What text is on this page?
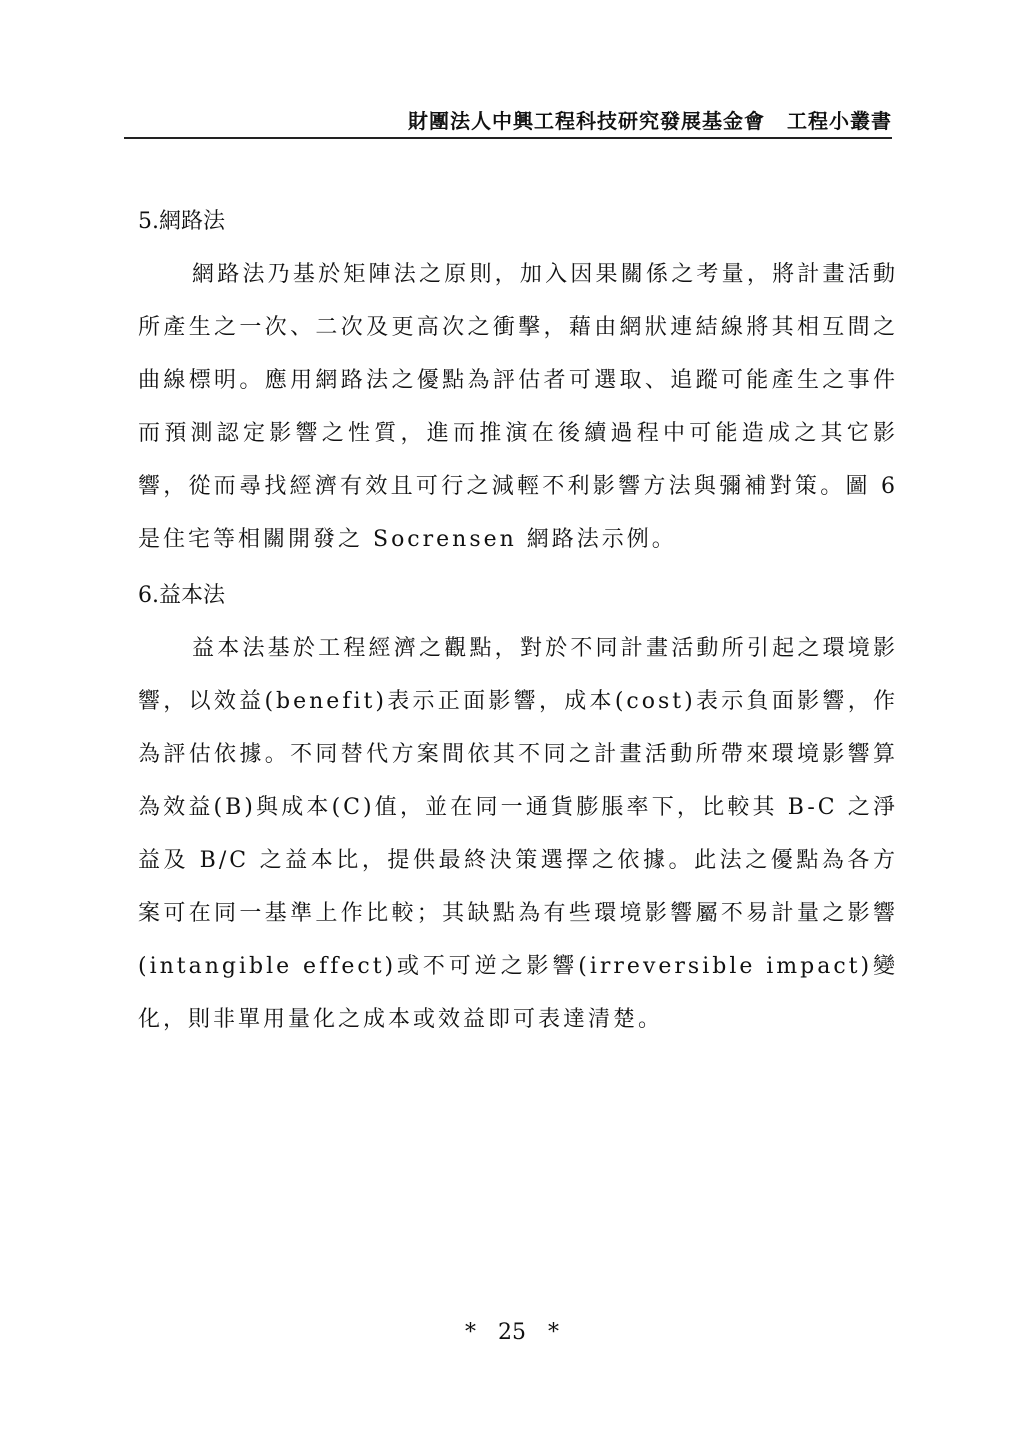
財團法人中興工程科技研究發展基金會 工程小叢書
5.網路法

網路法乃基於矩陣法之原則，加入因果關係之考量，將計畫活動所產生之一次、二次及更高次之衝擊，藉由網狀連結線將其相互間之曲線標明。應用網路法之優點為評估者可選取、追蹤可能產生之事件而預測認定影響之性質，進而推演在後續過程中可能造成之其它影響，從而尋找經濟有效且可行之減輕不利影響方法與彌補對策。圖 6 是住宅等相關開發之 Socrensen 網路法示例。

6.益本法

益本法基於工程經濟之觀點，對於不同計畫活動所引起之環境影響，以效益(benefit)表示正面影響，成本(cost)表示負面影響，作為評估依據。不同替代方案間依其不同之計畫活動所帶來環境影響算為效益(B)與成本(C)值，並在同一通貨膨脹率下，比較其 B-C 之淨益及 B/C 之益本比，提供最終決策選擇之依據。此法之優點為各方案可在同一基準上作比較；其缺點為有些環境影響屬不易計量之影響(intangible effect)或不可逆之影響(irreversible impact)變化，則非單用量化之成本或效益即可表達清楚。

* 25 *
